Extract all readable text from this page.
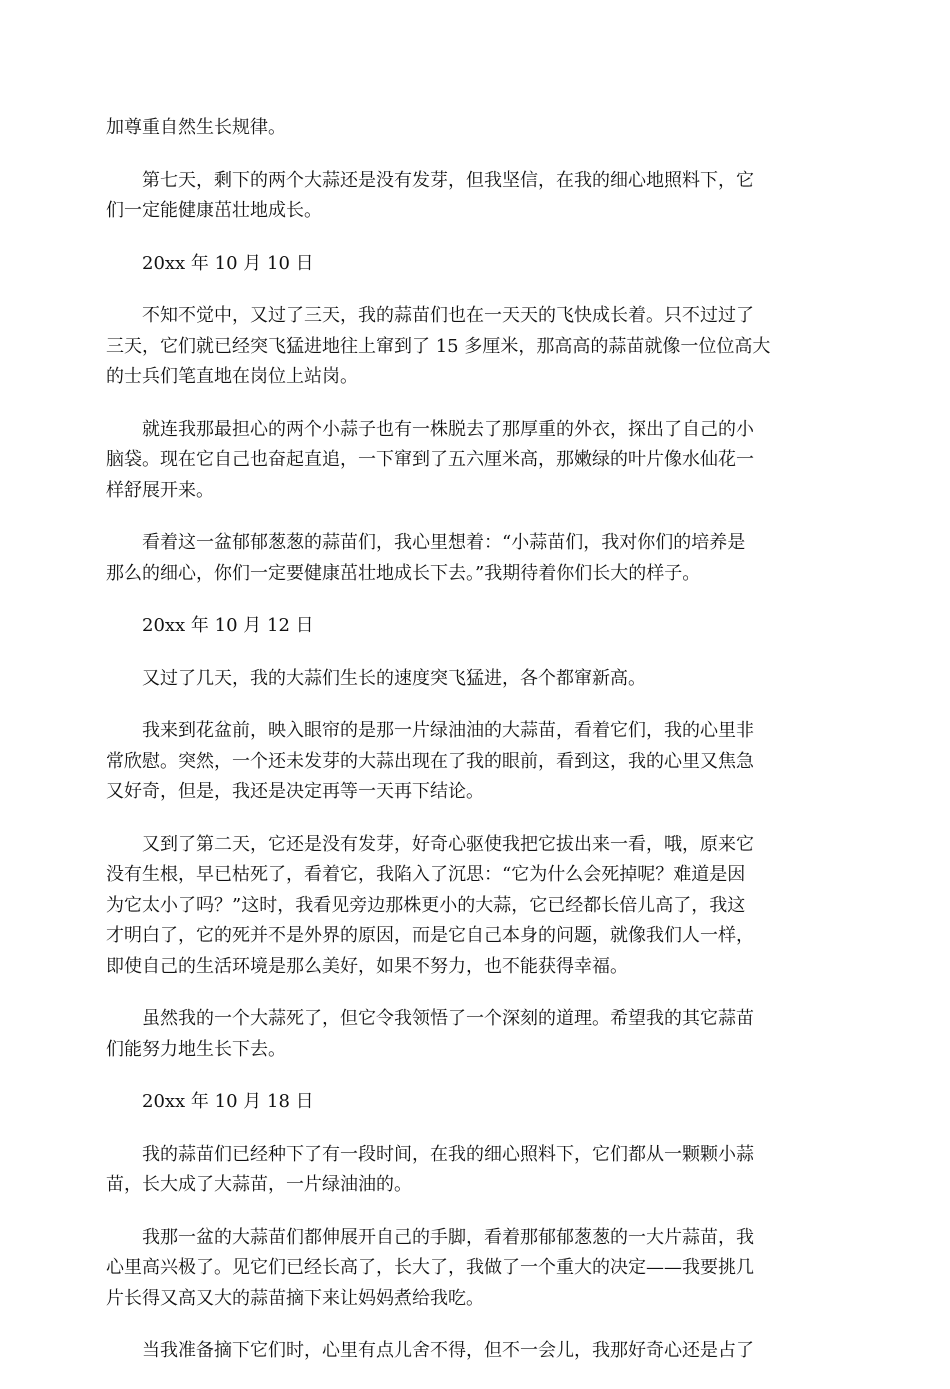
加尊重自然生长规律。

第七天，剩下的两个大蒜还是没有发芽，但我坚信，在我的细心地照料下，它
们一定能健康茁壮地成长。

20xx 年 10 月 10 日

不知不觉中，又过了三天，我的蒜苗们也在一天天的飞快成长着。只不过过了
三天，它们就已经突飞猛进地往上窜到了 15 多厘米，那高高的蒜苗就像一位位高大
的士兵们笔直地在岗位上站岗。

就连我那最担心的两个小蒜子也有一株脱去了那厚重的外衣，探出了自己的小
脑袋。现在它自己也奋起直追，一下窜到了五六厘米高，那嫩绿的叶片像水仙花一
样舒展开来。

看着这一盆郁郁葱葱的蒜苗们，我心里想着：“小蒜苗们，我对你们的培养是
那么的细心，你们一定要健康茁壮地成长下去。”我期待着你们长大的样子。

20xx 年 10 月 12 日

又过了几天，我的大蒜们生长的速度突飞猛进，各个都窜新高。

我来到花盆前，映入眼帘的是那一片绿油油的大蒜苗，看着它们，我的心里非
常欣慰。突然，一个还未发芽的大蒜出现在了我的眼前，看到这，我的心里又焦急
又好奇，但是，我还是决定再等一天再下结论。

又到了第二天，它还是没有发芽，好奇心驱使我把它拔出来一看，哦，原来它
没有生根，早已枯死了，看着它，我陷入了沉思：“它为什么会死掉呢？难道是因
为它太小了吗？”这时，我看见旁边那株更小的大蒜，它已经都长倍儿高了，我这
才明白了，它的死并不是外界的原因，而是它自己本身的问题，就像我们人一样，
即使自己的生活环境是那么美好，如果不努力，也不能获得幸福。

虽然我的一个大蒜死了，但它令我领悟了一个深刻的道理。希望我的其它蒜苗
们能努力地生长下去。

20xx 年 10 月 18 日

我的蒜苗们已经种下了有一段时间，在我的细心照料下，它们都从一颗颗小蒜
苗，长大成了大蒜苗，一片绿油油的。

我那一盆的大蒜苗们都伸展开自己的手脚，看着那郁郁葱葱的一大片蒜苗，我
心里高兴极了。见它们已经长高了，长大了，我做了一个重大的决定——我要挑几
片长得又高又大的蒜苗摘下来让妈妈煮给我吃。

当我准备摘下它们时，心里有点儿舍不得，但不一会儿，我那好奇心还是占了
